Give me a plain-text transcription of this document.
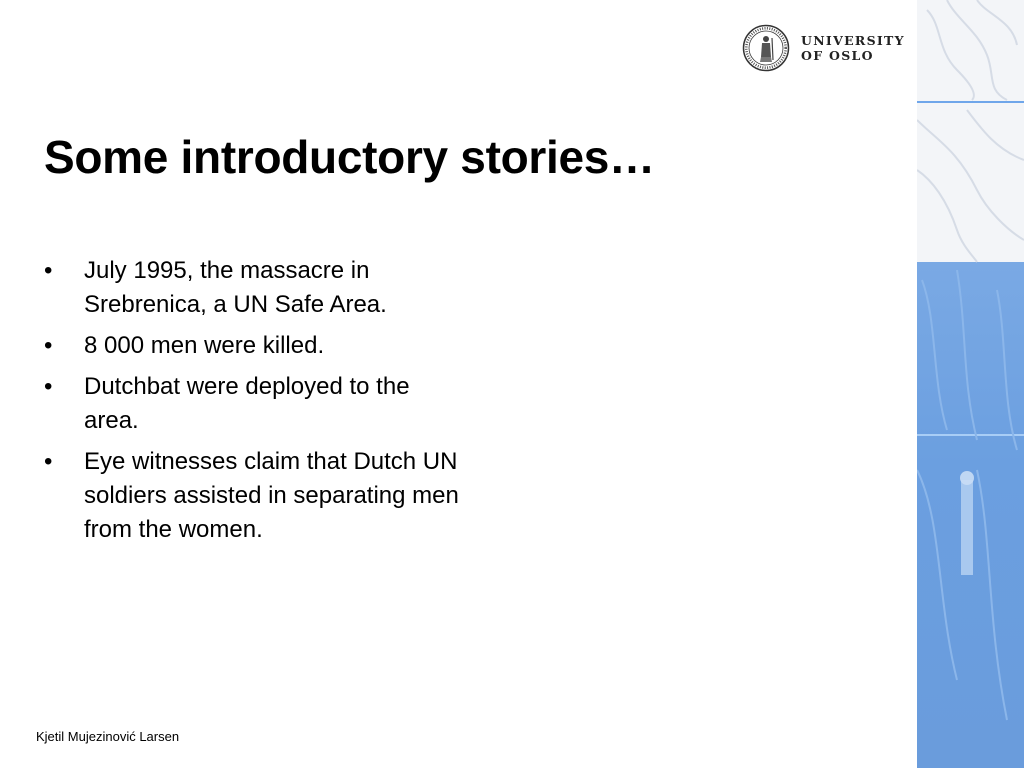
UNIVERSITY
OF OSLO
Some introductory stories…
• July 1995, the massacre in Srebrenica, a UN Safe Area.
• 8 000 men were killed.
• Dutchbat were deployed to the area.
• Eye witnesses claim that Dutch UN soldiers assisted in separating men from the women.
Kjetil Mujezinović Larsen
